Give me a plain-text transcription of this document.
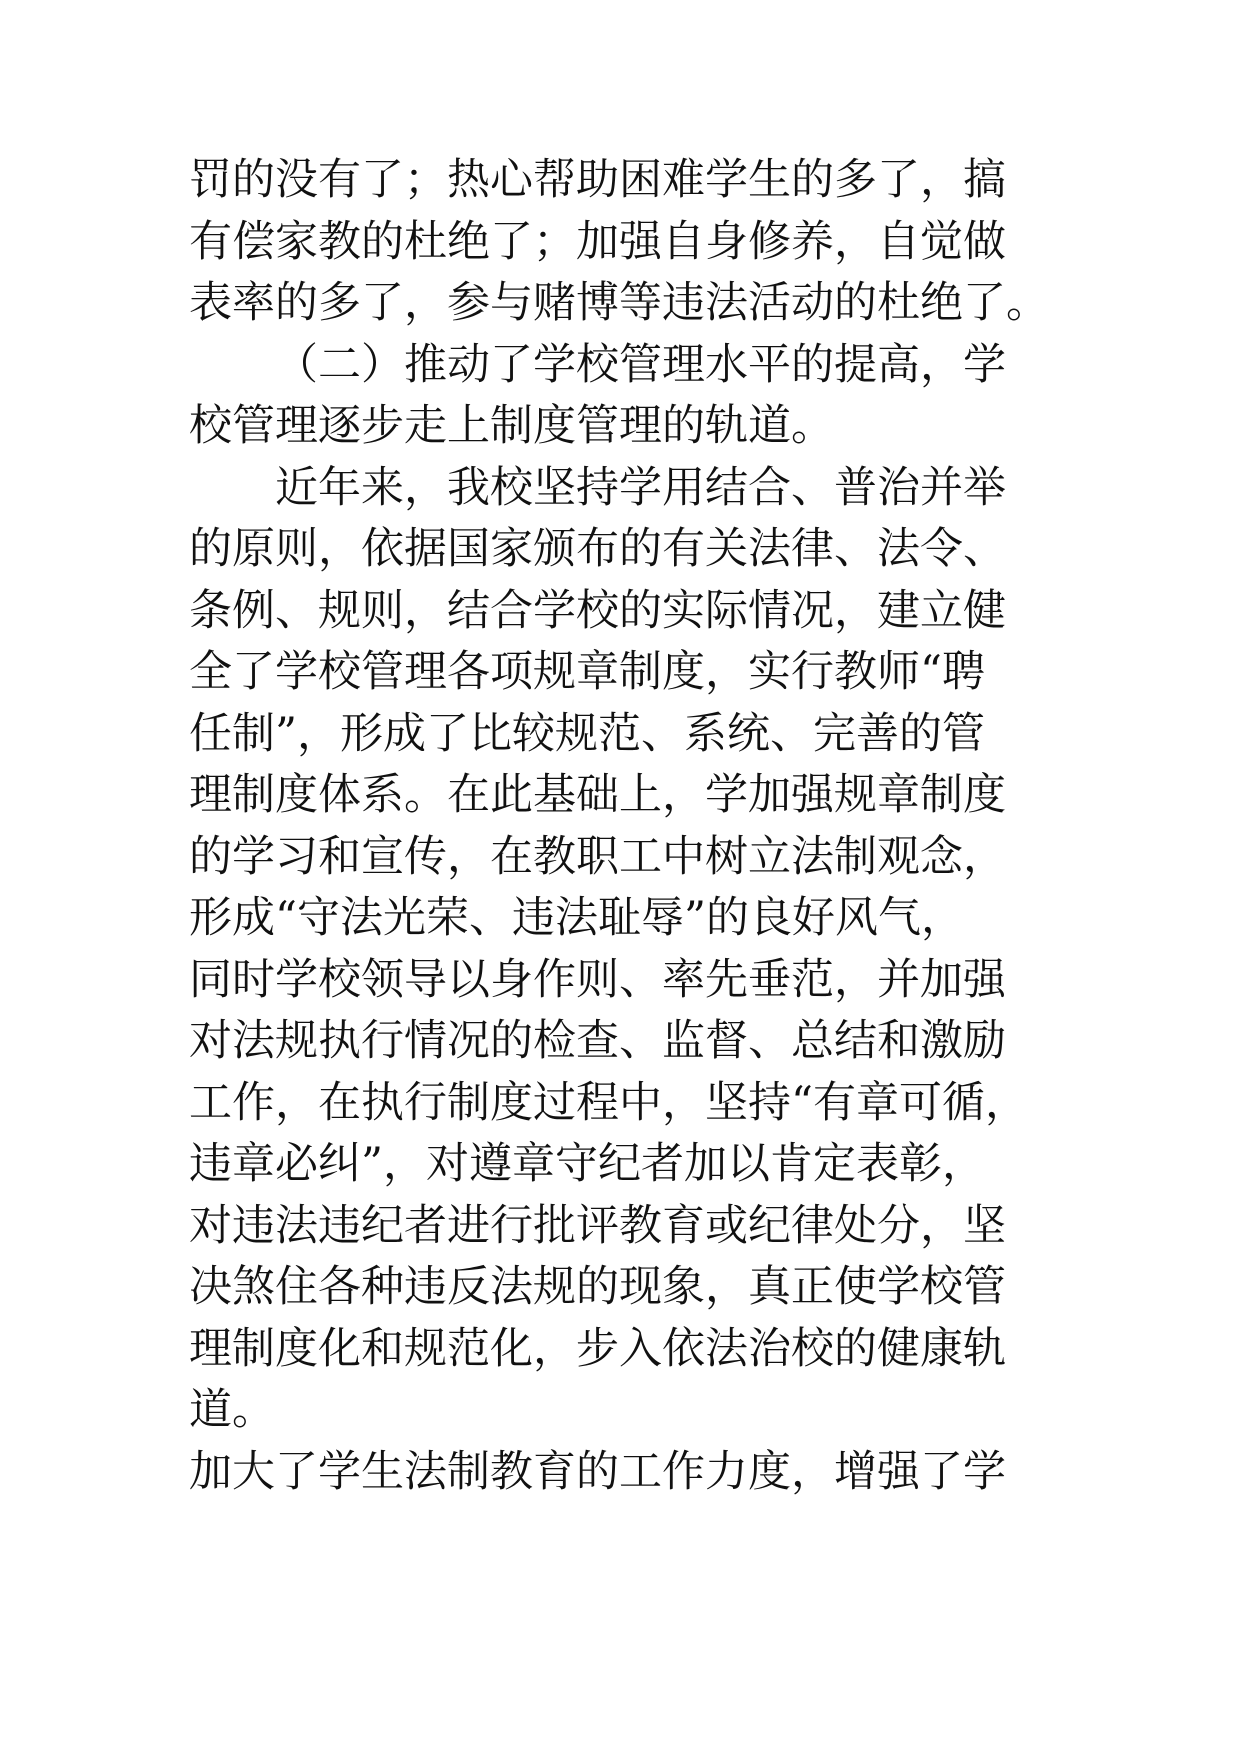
罚的没有了；热心帮助困难学生的多了，搞
有偿家教的杜绝了；加强自身修养，自觉做
表率的多了，参与赌博等违法活动的杜绝了。
（二）推动了学校管理水平的提高，学
校管理逐步走上制度管理的轨道。
近年来，我校坚持学用结合、普治并举
的原则，依据国家颁布的有关法律、法令、
条例、规则，结合学校的实际情况，建立健
全了学校管理各项规章制度，实行教师“聘
任制”，形成了比较规范、系统、完善的管
理制度体系。在此基础上，学加强规章制度
的学习和宣传，在教职工中树立法制观念，
形成“守法光荣、违法耻辱”的良好风气，
同时学校领导以身作则、率先垂范，并加强
对法规执行情况的检查、监督、总结和激励
工作，在执行制度过程中，坚持“有章可循，
违章必纠”，对遵章守纪者加以肯定表彰，
对违法违纪者进行批评教育或纪律处分，坚
决煞住各种违反法规的现象，真正使学校管
理制度化和规范化，步入依法治校的健康轨
道。
加大了学生法制教育的工作力度，增强了学
